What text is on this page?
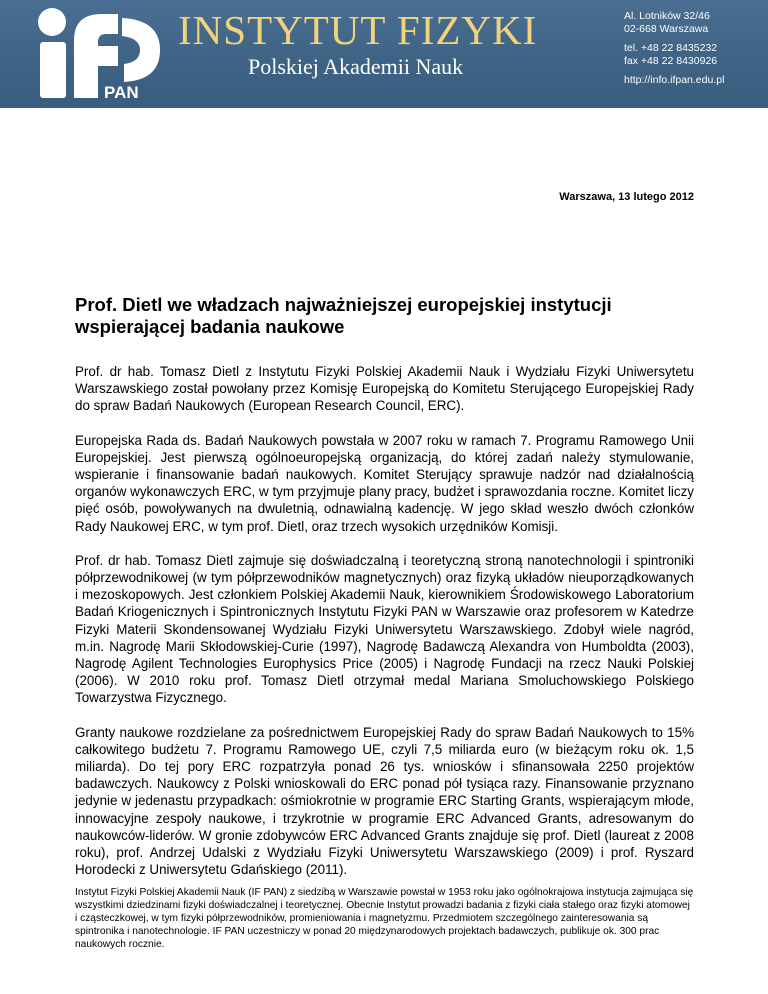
PAN
INSTYTUT FIZYKI
Polskiej Akademii Nauk
Al. Lotników 32/46
02-668 Warszawa
tel. +48 22 8435232
fax +48 22 8430926
http://info.ifpan.edu.pl
Warszawa, 13 lutego 2012
Prof. Dietl we władzach najważniejszej europejskiej instytucji
wspierającej badania naukowe

Prof. dr hab. Tomasz Dietl z Instytutu Fizyki Polskiej Akademii Nauk i Wydziału Fizyki Uniwersytetu Warszawskiego został powołany przez Komisję Europejską do Komitetu Sterującego Europejskiej Rady do spraw Badań Naukowych (European Research Council, ERC).

Europejska Rada ds. Badań Naukowych powstała w 2007 roku w ramach 7. Programu Ramowego Unii Europejskiej. Jest pierwszą ogólnoeuropejską organizacją, do której zadań należy stymulowanie, wspieranie i finansowanie badań naukowych. Komitet Sterujący sprawuje nadzór nad działalnością organów wykonawczych ERC, w tym przyjmuje plany pracy, budżet i sprawozdania roczne. Komitet liczy pięć osób, powoływanych na dwuletnią, odnawialną kadencję. W jego skład weszło dwóch członków Rady Naukowej ERC, w tym prof. Dietl, oraz trzech wysokich urzędników Komisji.

Prof. dr hab. Tomasz Dietl zajmuje się doświadczalną i teoretyczną stroną nanotechnologii i spintroniki półprzewodnikowej (w tym półprzewodników magnetycznych) oraz fizyką układów nieuporządkowanych i mezoskopowych. Jest członkiem Polskiej Akademii Nauk, kierownikiem Środowiskowego Laboratorium Badań Kriogenicznych i Spintronicznych Instytutu Fizyki PAN w Warszawie oraz profesorem w Katedrze Fizyki Materii Skondensowanej Wydziału Fizyki Uniwersytetu Warszawskiego. Zdobył wiele nagród, m.in. Nagrodę Marii Skłodowskiej-Curie (1997), Nagrodę Badawczą Alexandra von Humboldta (2003), Nagrodę Agilent Technologies Europhysics Price (2005) i Nagrodę Fundacji na rzecz Nauki Polskiej (2006). W 2010 roku prof. Tomasz Dietl otrzymał medal Mariana Smoluchowskiego Polskiego Towarzystwa Fizycznego.

Granty naukowe rozdzielane za pośrednictwem Europejskiej Rady do spraw Badań Naukowych to 15% całkowitego budżetu 7. Programu Ramowego UE, czyli 7,5 miliarda euro (w bieżącym roku ok. 1,5 miliarda). Do tej pory ERC rozpatrzyła ponad 26 tys. wniosków i sfinansowała 2250 projektów badawczych. Naukowcy z Polski wnioskowali do ERC ponad pół tysiąca razy. Finansowanie przyznano jedynie w jedenastu przypadkach: ośmiokrotnie w programie ERC Starting Grants, wspierającym młode, innowacyjne zespoły naukowe, i trzykrotnie w programie ERC Advanced Grants, adresowanym do naukowców-liderów. W gronie zdobywców ERC Advanced Grants znajduje się prof. Dietl (laureat z 2008 roku), prof. Andrzej Udalski z Wydziału Fizyki Uniwersytetu Warszawskiego (2009) i prof. Ryszard Horodecki z Uniwersytetu Gdańskiego (2011).

Instytut Fizyki Polskiej Akademii Nauk (IF PAN) z siedzibą w Warszawie powstał w 1953 roku jako ogólnokrajowa instytucja zajmująca się wszystkimi dziedzinami fizyki doświadczalnej i teoretycznej. Obecnie Instytut prowadzi badania z fizyki ciała stałego oraz fizyki atomowej i cząsteczkowej, w tym fizyki półprzewodników, promieniowania i magnetyzmu. Przedmiotem szczególnego zainteresowania są spintronika i nanotechnologie. IF PAN uczestniczy w ponad 20 międzynarodowych projektach badawczych, publikuje ok. 300 prac naukowych rocznie.
